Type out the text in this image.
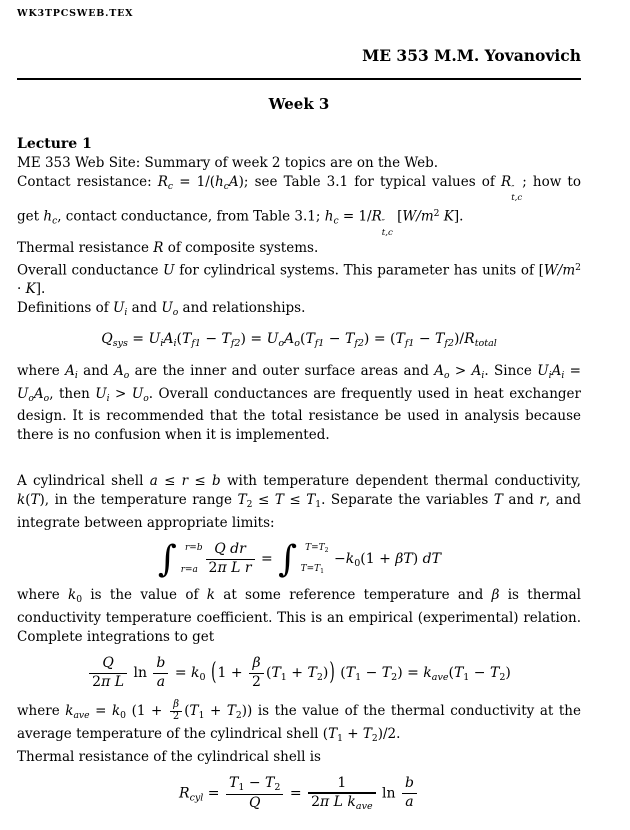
WK3TPCSWEB.TEX
ME 353 M.M. Yovanovich
Week 3
Lecture 1

ME 353 Web Site: Summary of week 2 topics are on the Web.

Contact resistance: $R_c = 1/(h_cA)$; see Table 3.1 for typical values of R ″
t,c
; how to get $h_c$, contact conductance, from Table 3.1; $h_c = 1/R$ ″
t,c
[$W/m^2$ K].

Thermal resistance R of composite systems.

Overall conductance U for cylindrical systems. This parameter has units of $[W/m^2 \cdot K]$.

Definitions of $U_i$ and $U_o$ and relationships.

$Q_{sys} = U_iA_i(T_{f1} - T_{f2}) = U_oA_o(T_{f1} - T_{f2}) = (T_{f1} - T_{f2})/R_{total}$

where $A_i$ and $A_o$ are the inner and outer surface areas and $A_o > A_i$. Since $U_iA_i = U_oA_o$, then $U_i > U_o$. Overall conductances are frequently used in heat exchanger design. It is recommended that the total resistance be used in analysis because there is no confusion when it is implemented.

A cylindrical shell a ≤ r ≤ b with temperature dependent thermal conductivity, k(T), in the temperature range $T_2 \le T \le T_1$. Separate the variables T and r, and integrate between appropriate limits:

∫ r=b
$r=a \frac{\text{Q dr}}{\text{2π L r}}$ = ∫ $T=T_2$
$T=T_1$
$-k_0(1 + \beta T)$ dT

where $k_0$ is the value of k at some reference temperature and β is thermal conductivity temperature coefficient. This is an empirical (experimental) relation. Complete integrations to get

$\frac{Q}{\text{2π L}}$ $\ln \frac{b}{a} = k_0$ $(1 + \frac{\beta}{2} (T_1 + T_2))$ $(T_1 - T_2) = k_{ave}(T_1 - T_2)$

where $k_{ave} = k_0$ $(1 + \frac{\beta}{2} (T_1 + T_2))$ is the value of the thermal conductivity at the average temperature of the cylindrical shell $(T_1 + T_2)/2$.

Thermal resistance of the cylindrical shell is

$R_{cyl} = \frac{T_1 - T_2}{Q} = \frac{1}{2\pi L k_{ave}}$ $\ln \frac{b}{a}$
